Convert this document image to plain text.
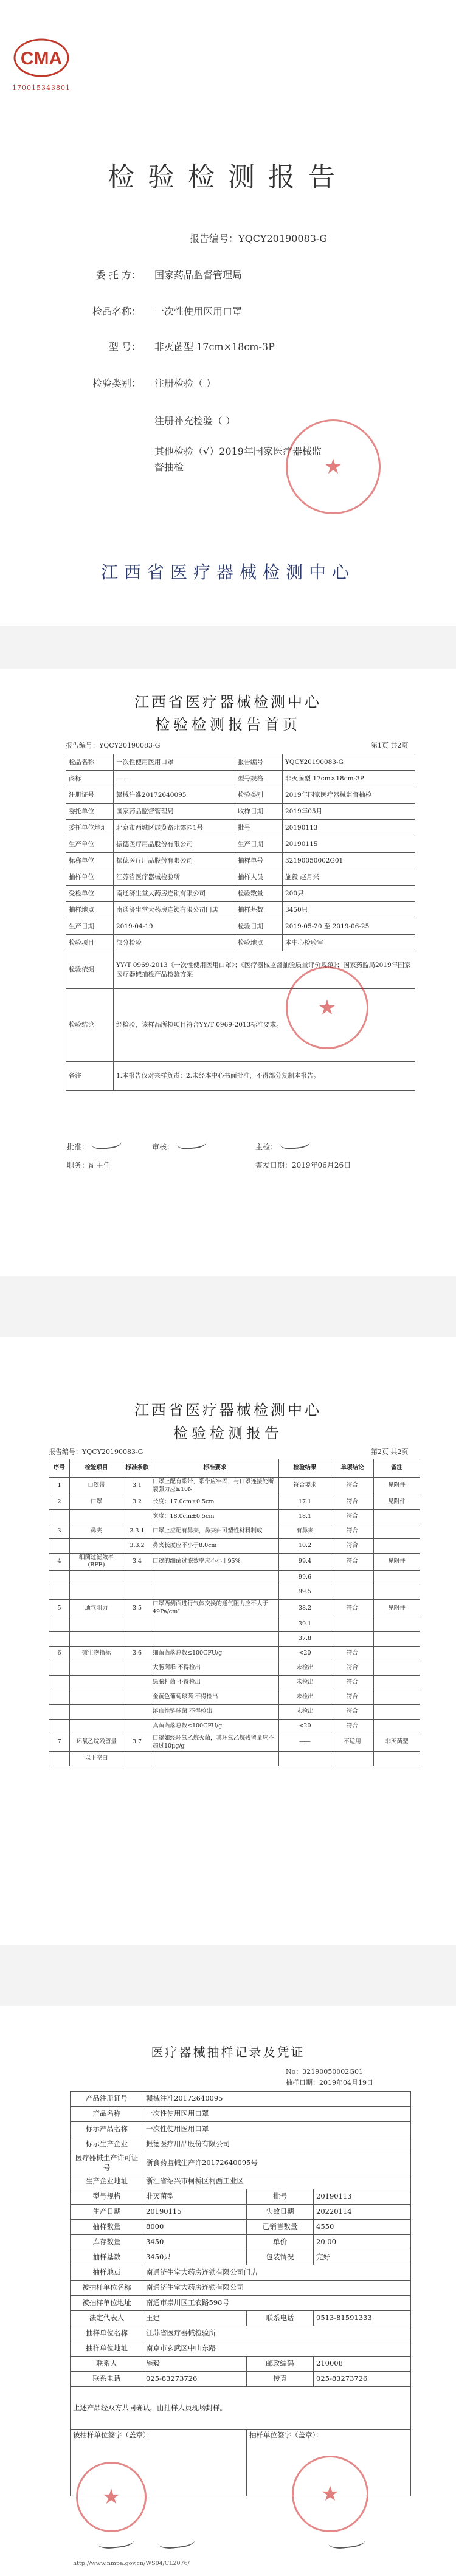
CMA
170015343801
检验检测报告
报告编号：YQCY20190083-G
委 托 方： 国家药品监督管理局
检品名称： 一次性使用医用口罩
型 号： 非灭菌型 17cm×18cm-3P
检验类别： 注册检验（ ）
注册补充检验（ ）
其他检验（√）2019年国家医疗器械监
督抽检	★
江西省医疗器械检测中心
江西省医疗器械检测中心
检验检测报告首页
报告编号：YQCY20190083-G	第1页 共2页
检品名称	一次性使用医用口罩	报告编号	YQCY20190083-G
商标	——	型号规格	非灭菌型 17cm×18cm-3P
注册证号	赣械注准20172640095	检验类别	2019年国家医疗器械监督抽检
委托单位	国家药品监督管理局	收样日期	2019年05月
委托单位地址	北京市西城区展览路北露园1号	批号	20190113
生产单位	振德医疗用品股份有限公司	生产日期	20190115
标称单位	振德医疗用品股份有限公司	抽样单号	32190050002G01
抽样单位	江苏省医疗器械检验所	抽样人员	施毅 赵月兴
受检单位	南通济生堂大药房连锁有限公司	检验数量	200只
抽样地点	南通济生堂大药房连锁有限公司门店	抽样基数	3450只
生产日期	2019-04-19	检验日期	2019-05-20 至 2019-06-25
检验项目	部分检验	检验地点	本中心检验室
检验依据	YY/T 0969-2013《一次性使用医用口罩》；《医疗器械监督抽验质量评价规范》；国家药监局2019年国家医疗器械抽检产品检验方案		
检验结论	经检验，该样品所检项目符合YY/T 0969-2013标准要求。		
备注	1.本报告仅对来样负责；2.未经本中心书面批准，不得部分复制本报告。		
★
批准：	审核：	主检：
职务：副主任	签发日期：2019年06月26日
江西省医疗器械检测中心
检验检测报告
报告编号：YQCY20190083-G	第2页 共2页
序号	检验项目	标准条款	标准要求	检验结果	单项结论	备注
1	口罩带	3.1	口罩上配有系带，系带应牢固，与口罩连接处断裂强力应≥10N	符合要求	符合	见附件
2	口罩	3.2	长度：17.0cm±0.5cm	17.1	符合	见附件
			宽度：18.0cm±0.5cm	18.1	符合	
3	鼻夹	3.3.1	口罩上应配有鼻夹，鼻夹由可塑性材料制成	有鼻夹	符合	
		3.3.2	鼻夹长度应不小于8.0cm	10.2	符合	
4	细菌过滤效率(BFE)	3.4	口罩的细菌过滤效率应不小于95%	99.4	符合	见附件
				99.6		
				99.5		
5	通气阻力	3.5	口罩两侧面进行气体交换的通气阻力应不大于49Pa/cm²	38.2	符合	见附件
				39.1		
				37.8		
6	微生物指标	3.6	细菌菌落总数≤100CFU/g	<20	符合	
			大肠菌群 不得检出	未检出	符合	
			绿脓杆菌 不得检出	未检出	符合	
			金黄色葡萄球菌 不得检出	未检出	符合	
			溶血性链球菌 不得检出	未检出	符合	
			真菌菌落总数≤100CFU/g	<20	符合	
7	环氧乙烷残留量	3.7	口罩如经环氧乙烷灭菌，其环氧乙烷残留量应不超过10μg/g	——	不适用	非灭菌型
	以下空白					
医疗器械抽样记录及凭证
No：32190050002G01
抽样日期：2019年04月19日
产品注册证号	赣械注准20172640095		
产品名称	一次性使用医用口罩		
标示产品名称	一次性使用医用口罩		
标示生产企业	振德医疗用品股份有限公司		
医疗器械生产许可证号	浙食药监械生产许20172640095号		
生产企业地址	浙江省绍兴市柯桥区柯西工业区		
型号规格	非灭菌型	批号	20190113
生产日期	20190115	失效日期	20220114
抽样数量	8000	已销售数量	4550
库存数量	3450	单价	20.00
抽样基数	3450只	包装情况	完好
抽样地点	南通济生堂大药房连锁有限公司门店		
被抽样单位名称	南通济生堂大药房连锁有限公司		
被抽样单位地址	南通市崇川区工农路598号		
法定代表人	王建	联系电话	0513-81591333
抽样单位名称	江苏省医疗器械检验所		
抽样单位地址	南京市玄武区中山东路		
联系人	施毅	邮政编码	210008
联系电话	025-83273726	传真	025-83273726
上述产品经双方共同确认，由抽样人员现场封样。			
被抽样单位签字（盖章）：		抽样单位签字（盖章）：	
★	★
http://www.nmpa.gov.cn/WS04/CL2076/
